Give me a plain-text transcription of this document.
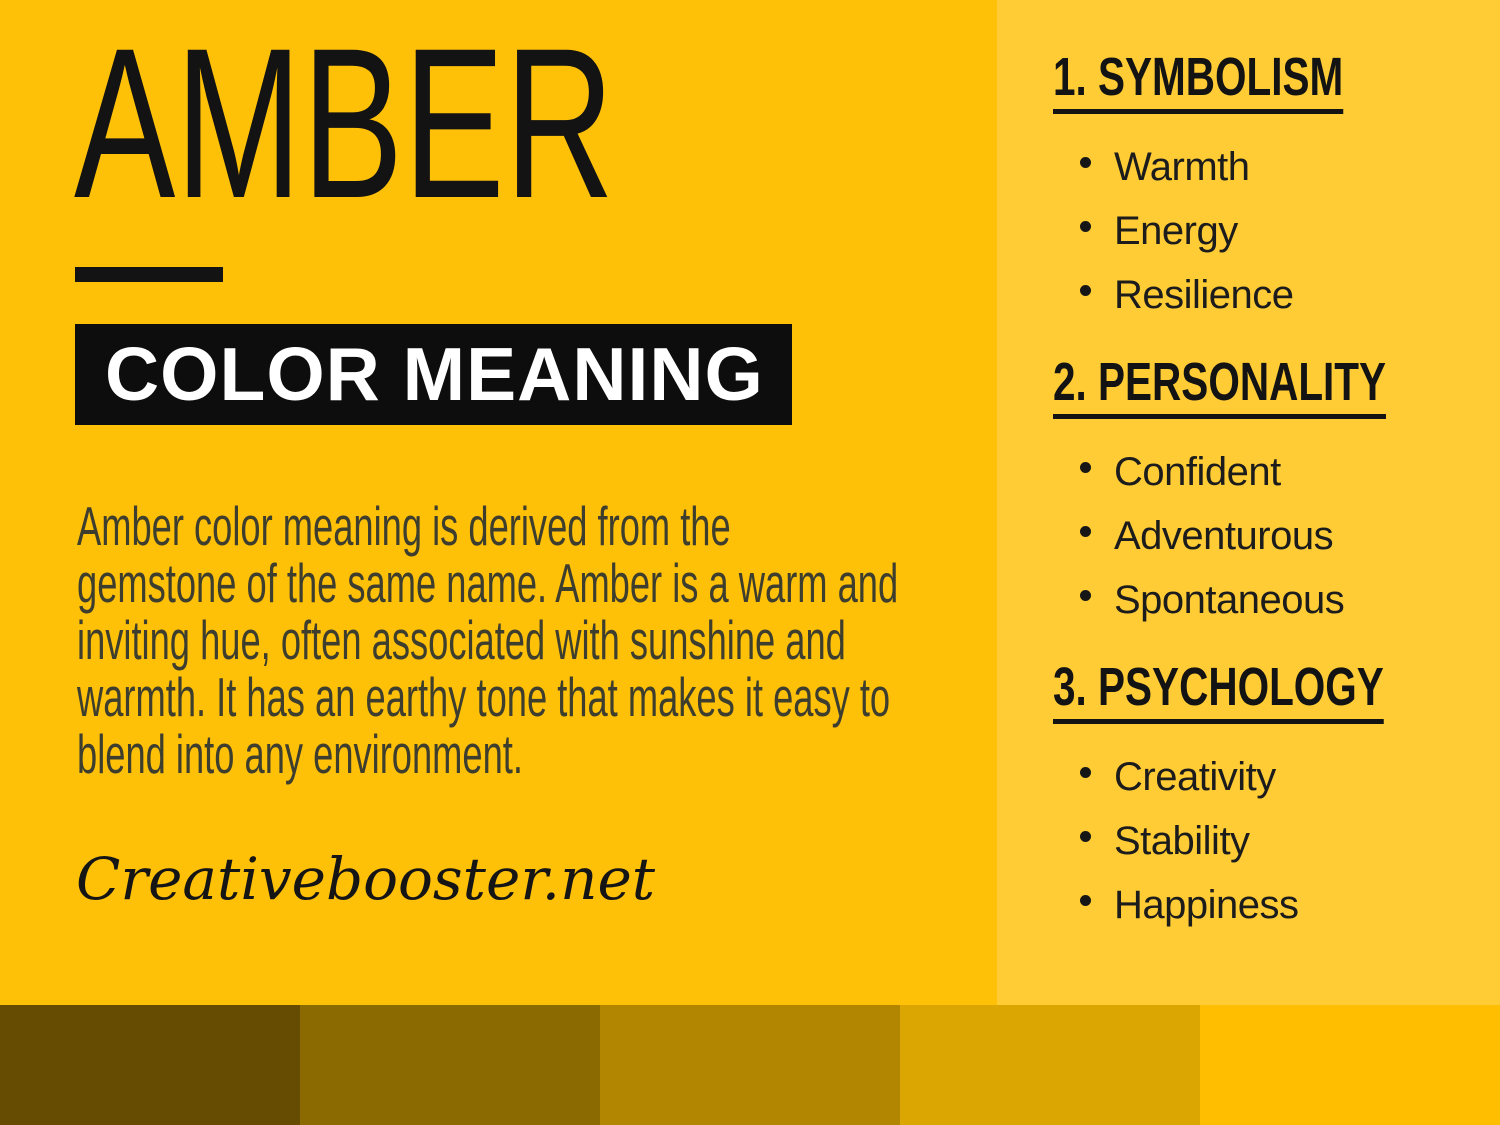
1. SYMBOLISM
Warmth
Energy
Resilience
2. PERSONALITY
Confident
Adventurous
Spontaneous
3. PSYCHOLOGY
Creativity
Stability
Happiness
AMBER
COLOR MEANING
Amber color meaning is derived from the
gemstone of the same name. Amber is a warm and
inviting hue, often associated with sunshine and
warmth. It has an earthy tone that makes it easy to
blend into any environment.
Creativebooster.net
